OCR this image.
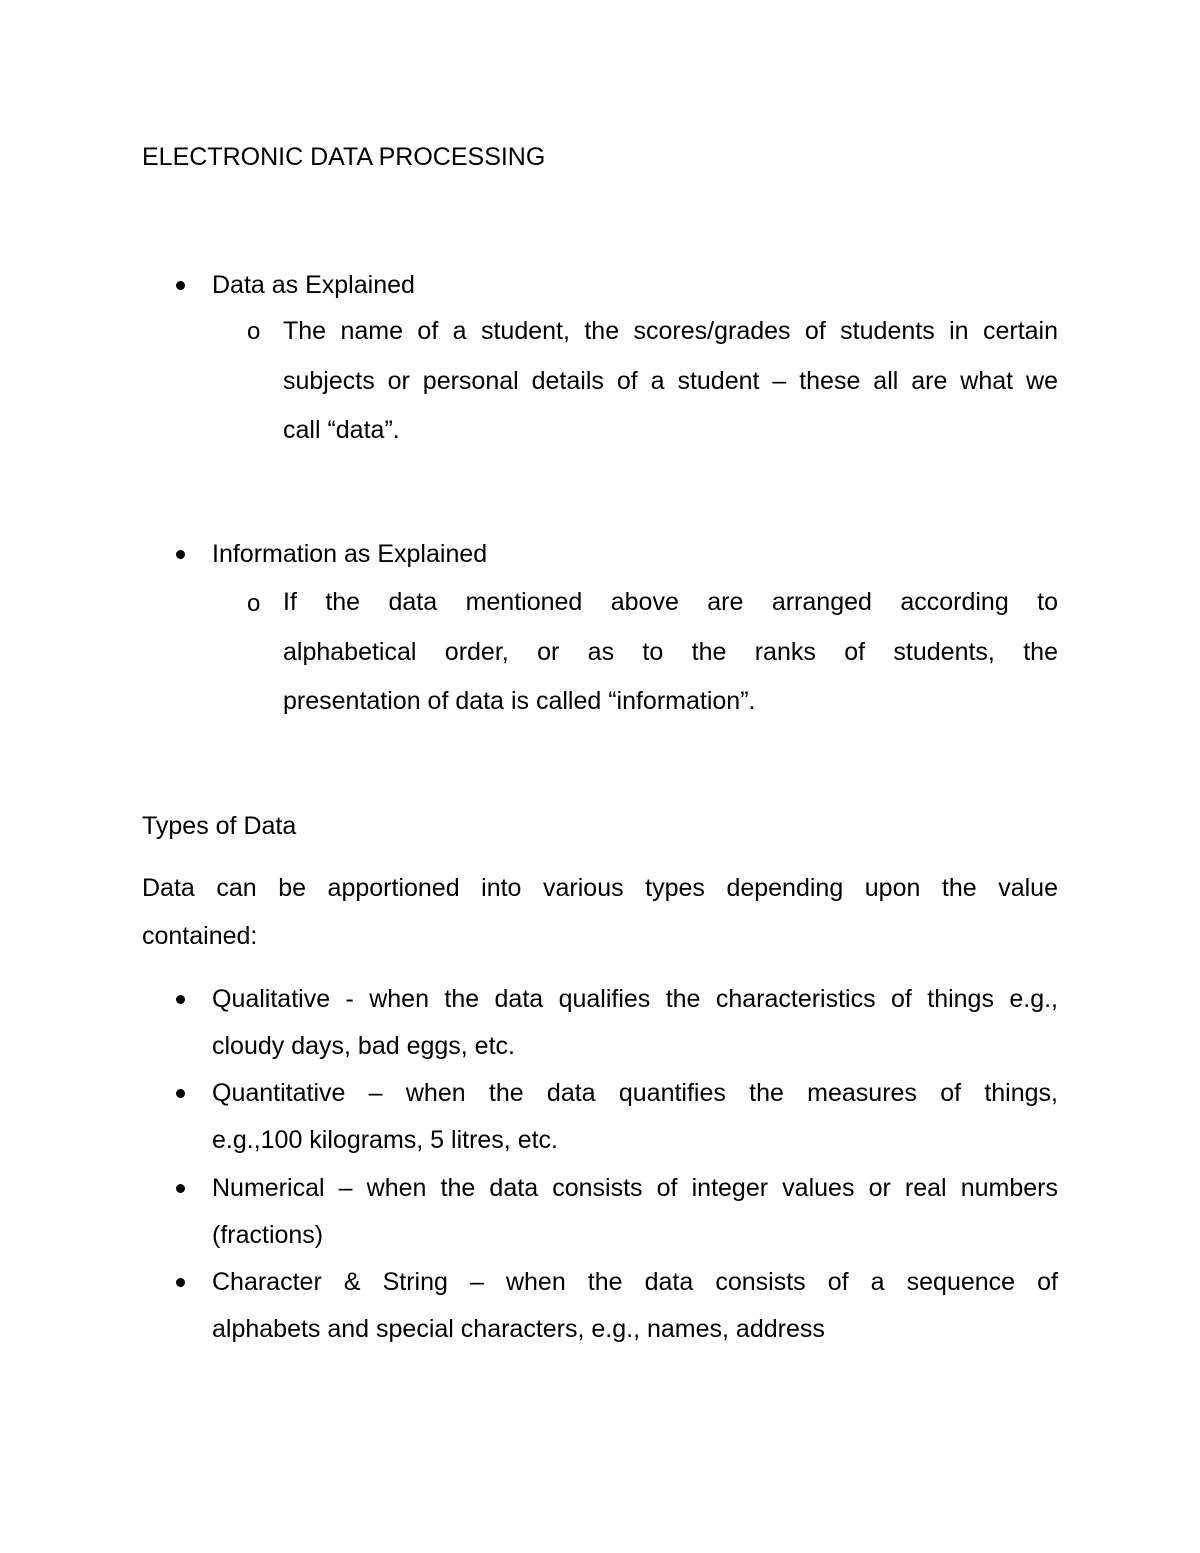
ELECTRONIC DATA PROCESSING
Data as Explained
o The name of a student, the scores/grades of students in certain
subjects or personal details of a student – these all are what we
call “data”.
Information as Explained
o If the data mentioned above are arranged according to
alphabetical order, or as to the ranks of students, the
presentation of data is called “information”.
Types of Data
Data can be apportioned into various types depending upon the value
contained:
Qualitative - when the data qualifies the characteristics of things e.g.,
cloudy days, bad eggs, etc.
Quantitative – when the data quantifies the measures of things,
e.g.,100 kilograms, 5 litres, etc.
Numerical – when the data consists of integer values or real numbers
(fractions)
Character & String – when the data consists of a sequence of
alphabets and special characters, e.g., names, address
